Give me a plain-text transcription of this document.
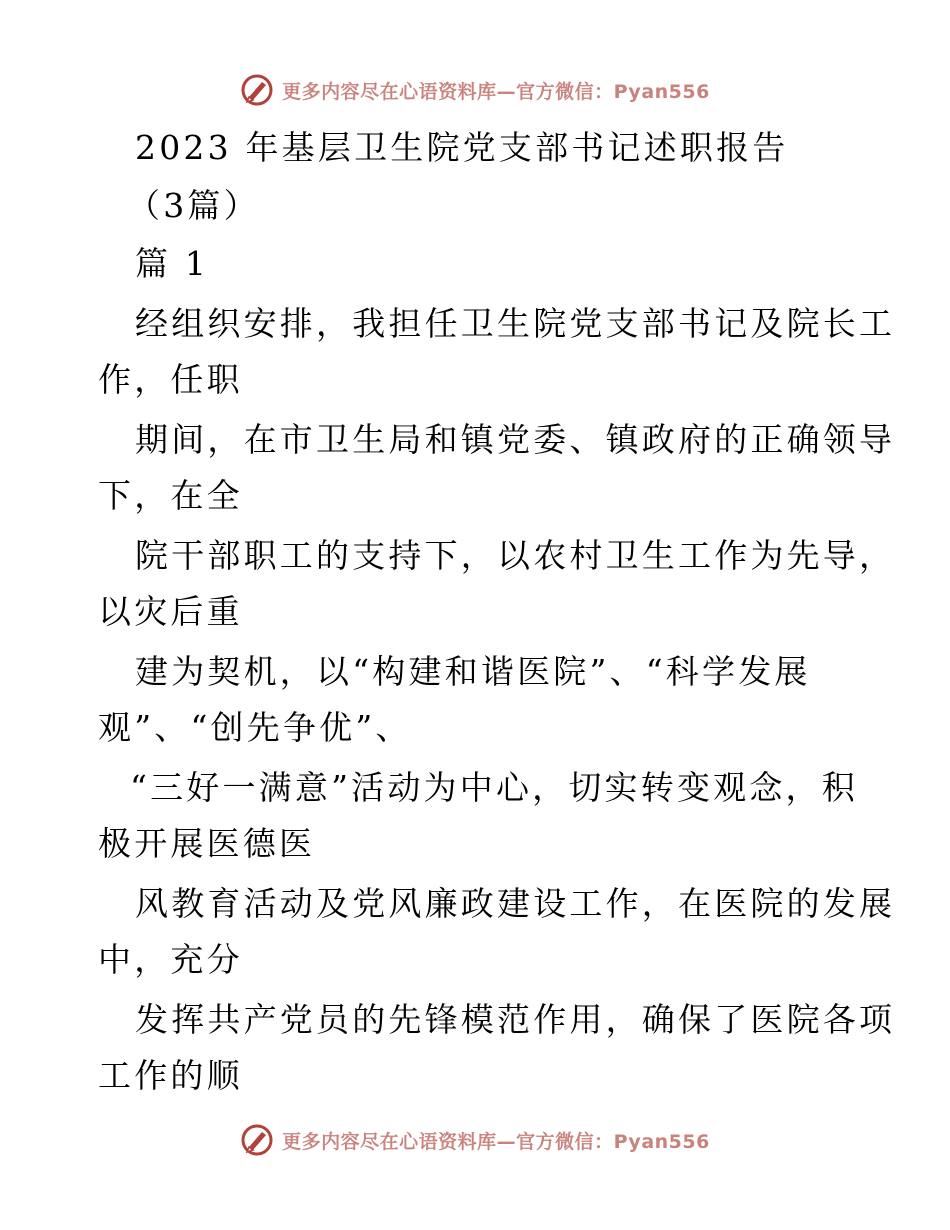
更多内容尽在心语资料库—官方微信：Pyan556
2023 年基层卫生院党支部书记述职报告
（3篇）
篇 1
经组织安排，我担任卫生院党支部书记及院长工
作，任职
期间，在市卫生局和镇党委、镇政府的正确领导
下，在全
院干部职工的支持下，以农村卫生工作为先导，
以灾后重
建为契机，以“构建和谐医院”、“科学发展
观”、“创先争优”、
“三好一满意”活动为中心，切实转变观念，积
极开展医德医
风教育活动及党风廉政建设工作，在医院的发展
中，充分
发挥共产党员的先锋模范作用，确保了医院各项
工作的顺
更多内容尽在心语资料库—官方微信：Pyan556
